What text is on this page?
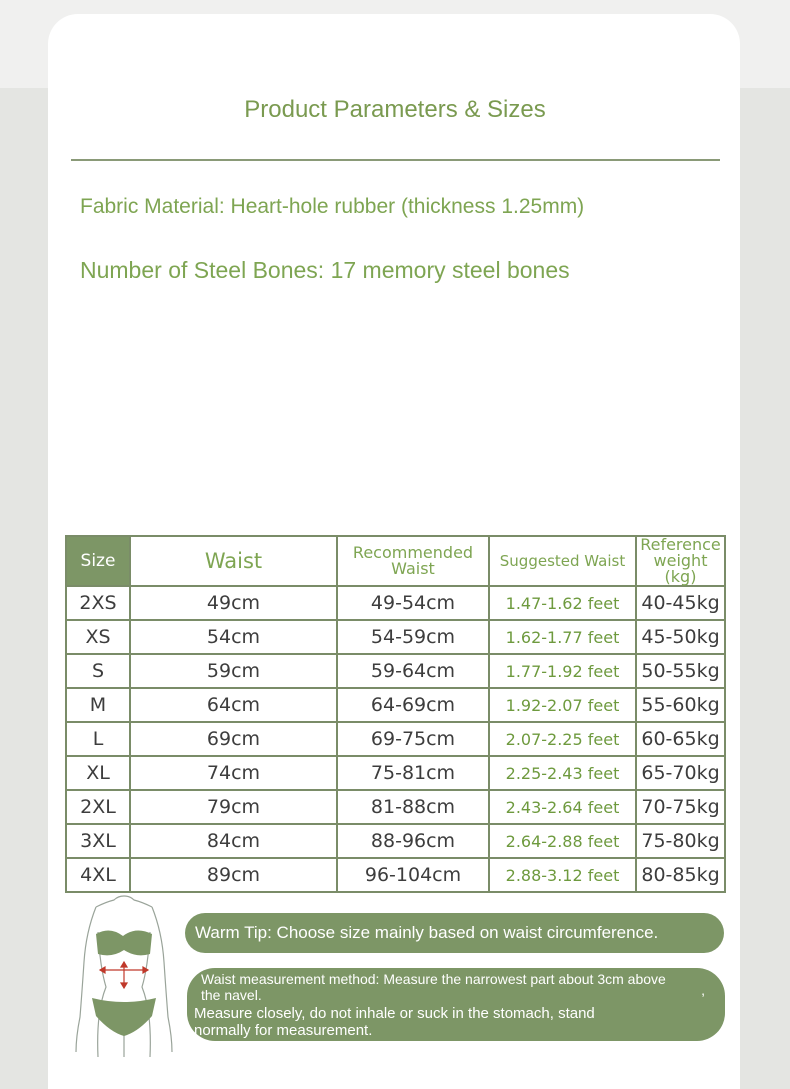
Product Parameters & Sizes
Fabric Material: Heart-hole rubber (thickness 1.25mm)
Number of Steel Bones: 17 memory steel bones
Size	Waist	Recommended Waist	Suggested Waist	Reference weight (kg)
2XS	49cm	49-54cm	1.47-1.62 feet	40-45kg
XS	54cm	54-59cm	1.62-1.77 feet	45-50kg
S	59cm	59-64cm	1.77-1.92 feet	50-55kg
M	64cm	64-69cm	1.92-2.07 feet	55-60kg
L	69cm	69-75cm	2.07-2.25 feet	60-65kg
XL	74cm	75-81cm	2.25-2.43 feet	65-70kg
2XL	79cm	81-88cm	2.43-2.64 feet	70-75kg
3XL	84cm	88-96cm	2.64-2.88 feet	75-80kg
4XL	89cm	96-104cm	2.88-3.12 feet	80-85kg
Warm Tip: Choose size mainly based on waist circumference.
Waist measurement method: Measure the narrowest part about 3cm above the navel.
Measure closely, do not inhale or suck in the stomach, stand normally for measurement.
,
